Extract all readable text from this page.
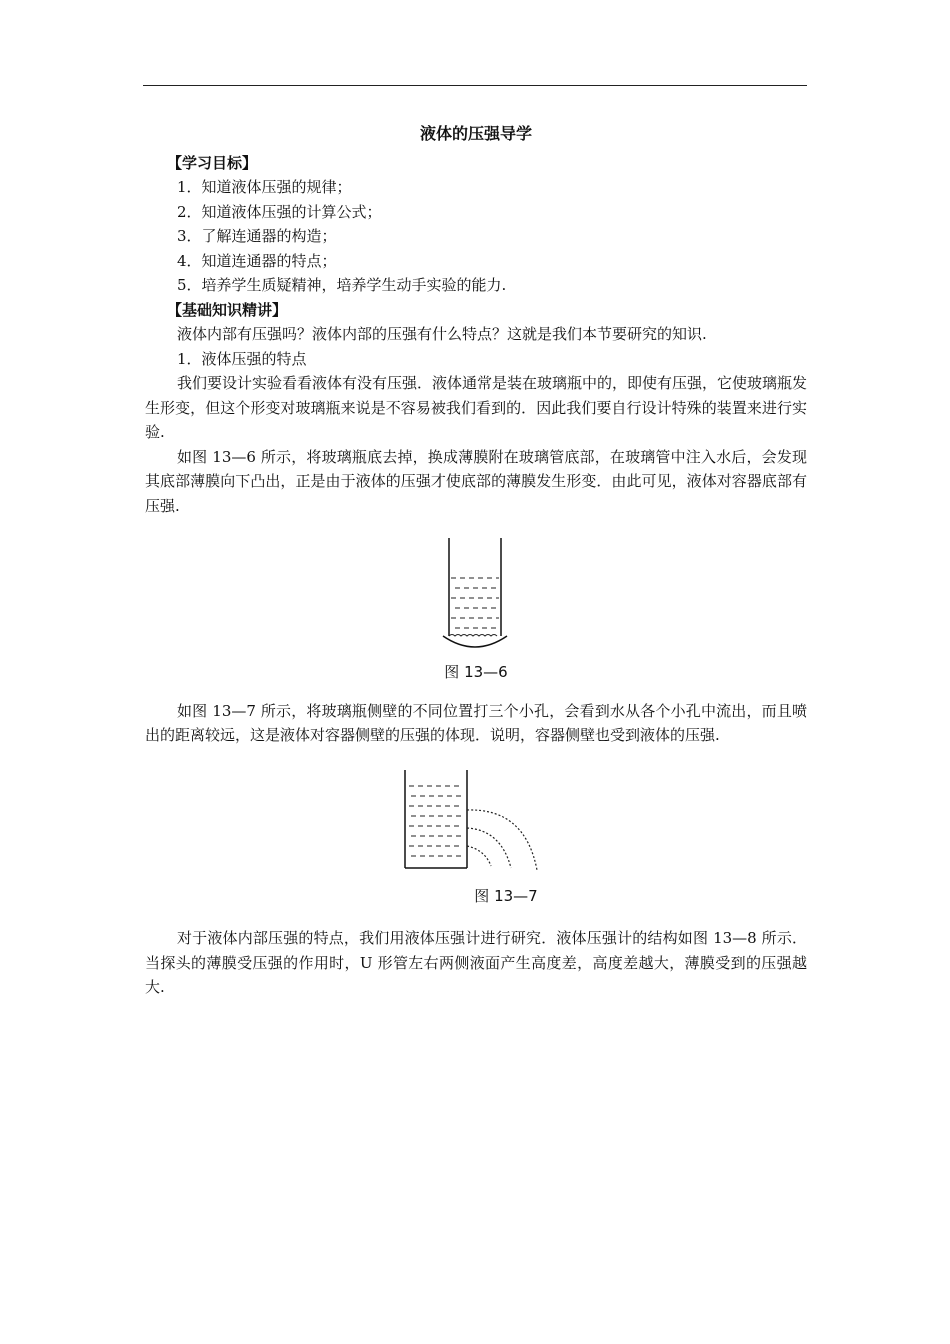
液体的压强导学
【学习目标】
1．知道液体压强的规律；
2．知道液体压强的计算公式；
3．了解连通器的构造；
4．知道连通器的特点；
5．培养学生质疑精神，培养学生动手实验的能力.
【基础知识精讲】

液体内部有压强吗？液体内部的压强有什么特点？这就是我们本节要研究的知识.

1．液体压强的特点

我们要设计实验看看液体有没有压强．液体通常是装在玻璃瓶中的，即使有压强，它使玻璃瓶发生形变，但这个形变对玻璃瓶来说是不容易被我们看到的．因此我们要自行设计特殊的装置来进行实验.

如图 13—6 所示，将玻璃瓶底去掉，换成薄膜附在玻璃管底部，在玻璃管中注入水后，会发现其底部薄膜向下凸出，正是由于液体的压强才使底部的薄膜发生形变．由此可见，液体对容器底部有压强.

图 13—6

如图 13—7 所示，将玻璃瓶侧壁的不同位置打三个小孔，会看到水从各个小孔中流出，而且喷出的距离较远，这是液体对容器侧壁的压强的体现．说明，容器侧壁也受到液体的压强.

图 13—7

对于液体内部压强的特点，我们用液体压强计进行研究．液体压强计的结构如图 13—8 所示．当探头的薄膜受压强的作用时，U 形管左右两侧液面产生高度差，高度差越大，薄膜受到的压强越大.
